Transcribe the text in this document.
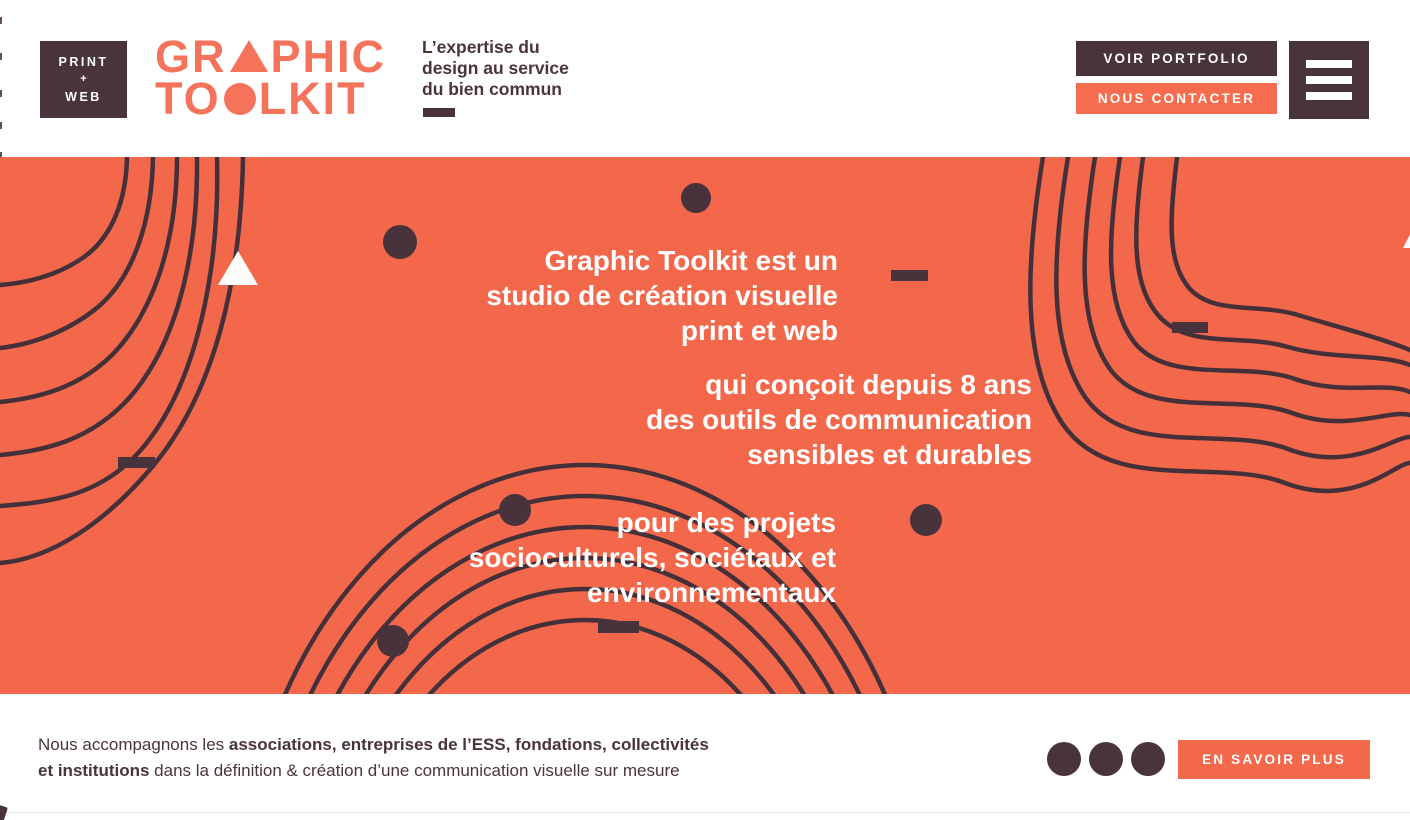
PRINT
+
WEB
GR PHIC
TO LKIT
L’expertise du
design au service
du bien commun
VOIR PORTFOLIO
NOUS CONTACTER
Graphic Toolkit est un
studio de création visuelle
print et web
qui conçoit depuis 8 ans
des outils de communication
sensibles et durables
pour des projets
socioculturels, sociétaux et
environnementaux

Nous accompagnons les associations, entreprises de l’ESS, fondations, collectivités
et institutions dans la définition & création d’une communication visuelle sur mesure

EN SAVOIR PLUS
